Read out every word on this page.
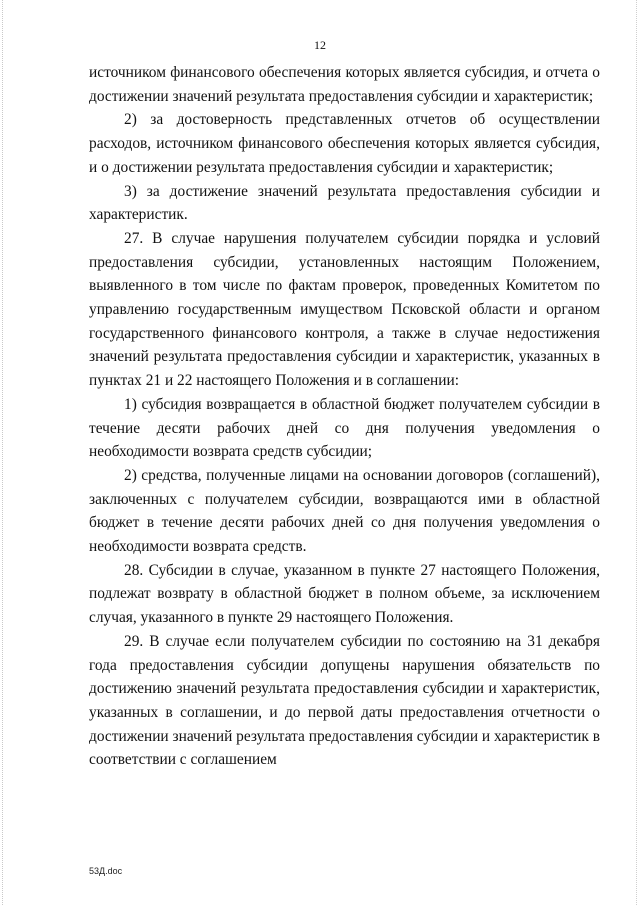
12

источником финансового обеспечения которых является субсидия, и отчета о достижении значений результата предоставления субсидии и характеристик;

2) за достоверность представленных отчетов об осуществлении расходов, источником финансового обеспечения которых является субсидия, и о достижении результата предоставления субсидии и характеристик;

3) за достижение значений результата предоставления субсидии и характеристик.

27. В случае нарушения получателем субсидии порядка и условий предоставления субсидии, установленных настоящим Положением, выявленного в том числе по фактам проверок, проведенных Комитетом по управлению государственным имуществом Псковской области и органом государственного финансового контроля, а также в случае недостижения значений результата предоставления субсидии и характеристик, указанных в пунктах 21 и 22 настоящего Положения и в соглашении:

1) субсидия возвращается в областной бюджет получателем субсидии в течение десяти рабочих дней со дня получения уведомления о необходимости возврата средств субсидии;

2) средства, полученные лицами на основании договоров (соглашений), заключенных с получателем субсидии, возвращаются ими в областной бюджет в течение десяти рабочих дней со дня получения уведомления о необходимости возврата средств.

28. Субсидии в случае, указанном в пункте 27 настоящего Положения, подлежат возврату в областной бюджет в полном объеме, за исключением случая, указанного в пункте 29 настоящего Положения.

29. В случае если получателем субсидии по состоянию на 31 декабря года предоставления субсидии допущены нарушения обязательств по достижению значений результата предоставления субсидии и характеристик, указанных в соглашении, и до первой даты предоставления отчетности о достижении значений результата предоставления субсидии и характеристик в соответствии с соглашением

53Д.doc
